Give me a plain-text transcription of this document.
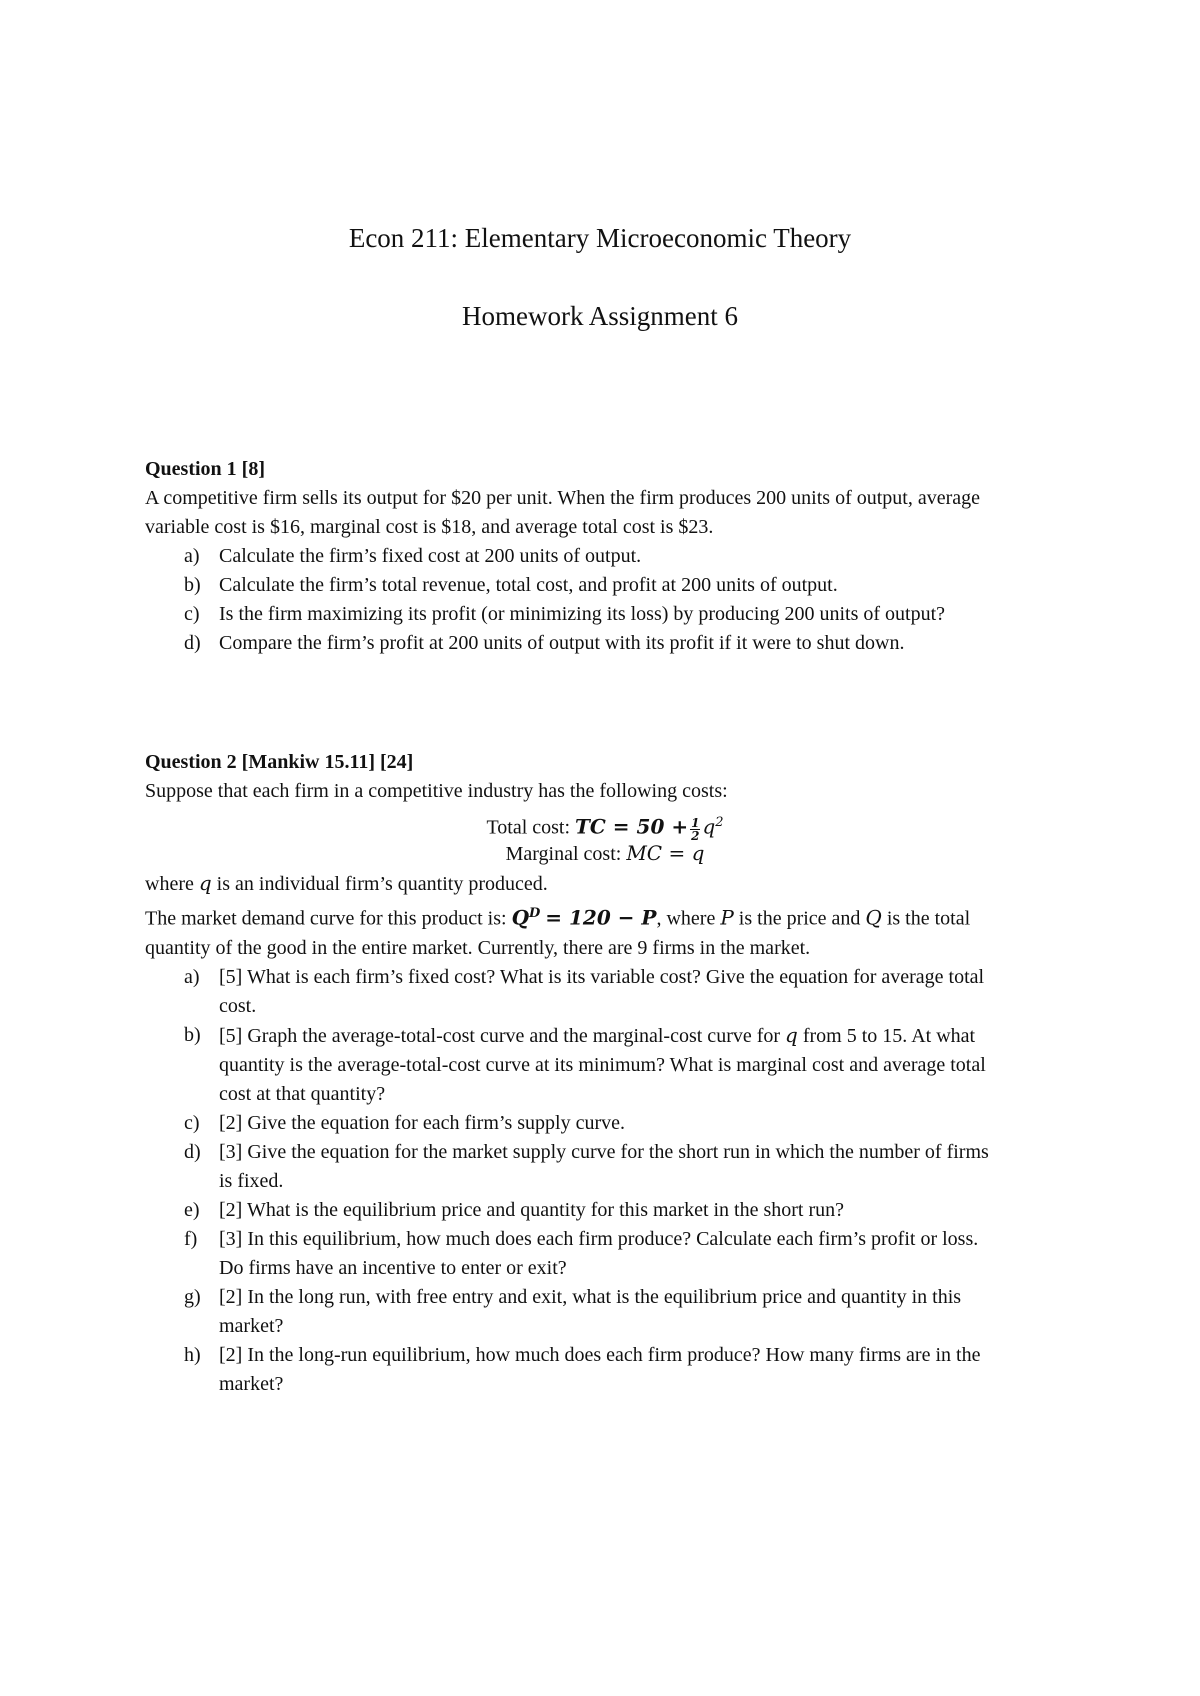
Econ 211: Elementary Microeconomic Theory
Homework Assignment 6
Question 1 [8]
A competitive firm sells its output for $20 per unit. When the firm produces 200 units of output, average
variable cost is $16, marginal cost is $18, and average total cost is $23.
a) Calculate the firm’s fixed cost at 200 units of output.
b) Calculate the firm’s total revenue, total cost, and profit at 200 units of output.
c) Is the firm maximizing its profit (or minimizing its loss) by producing 200 units of output?
d) Compare the firm’s profit at 200 units of output with its profit if it were to shut down.
Question 2 [Mankiw 15.11] [24]
Suppose that each firm in a competitive industry has the following costs:
Total cost: TC = $50 + \frac{1}{2} q^2$
Marginal cost: MC = q
where q is an individual firm’s quantity produced.
The market demand curve for this product is: $Q^D = 120 - P$, where P is the price and Q is the total
quantity of the good in the entire market. Currently, there are 9 firms in the market.
a) [5] What is each firm’s fixed cost? What is its variable cost? Give the equation for average total
cost.
b) [5] Graph the average-total-cost curve and the marginal-cost curve for q from 5 to 15. At what
quantity is the average-total-cost curve at its minimum? What is marginal cost and average total
cost at that quantity?
c) [2] Give the equation for each firm’s supply curve.
d) [3] Give the equation for the market supply curve for the short run in which the number of firms
is fixed.
e) [2] What is the equilibrium price and quantity for this market in the short run?
f) [3] In this equilibrium, how much does each firm produce? Calculate each firm’s profit or loss.
Do firms have an incentive to enter or exit?
g) [2] In the long run, with free entry and exit, what is the equilibrium price and quantity in this
market?
h) [2] In the long-run equilibrium, how much does each firm produce? How many firms are in the
market?
